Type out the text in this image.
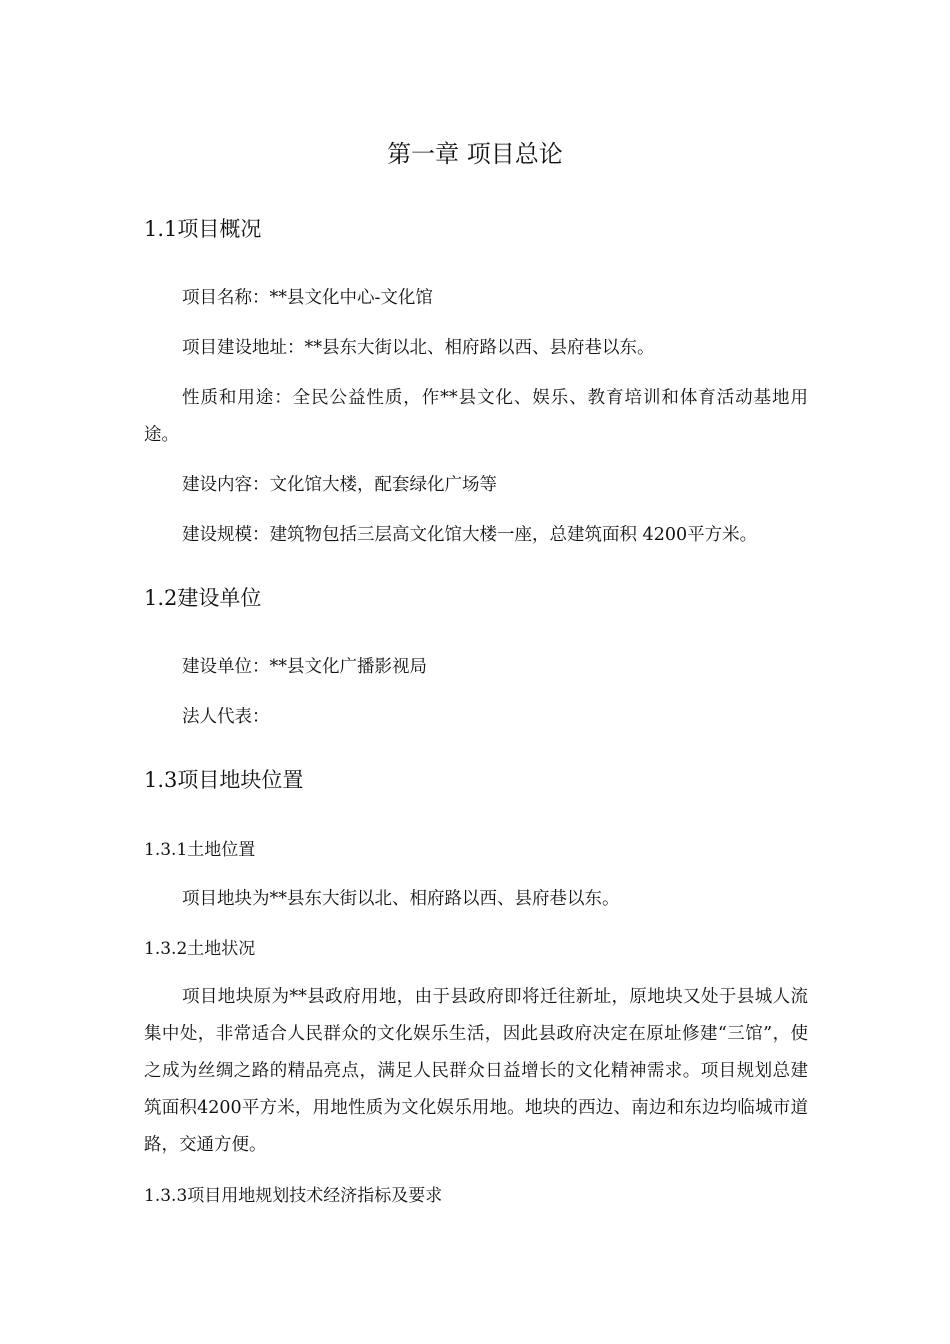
第一章 项目总论
1.1项目概况

项目名称：**县文化中心-文化馆

项目建设地址：**县东大街以北、相府路以西、县府巷以东。

性质和用途：全民公益性质，作**县文化、娱乐、教育培训和体育活动基地用途。

建设内容：文化馆大楼，配套绿化广场等

建设规模：建筑物包括三层高文化馆大楼一座，总建筑面积 4200平方米。

1.2建设单位

建设单位：**县文化广播影视局

法人代表：

1.3项目地块位置
1.3.1土地位置

项目地块为**县东大街以北、相府路以西、县府巷以东。

1.3.2土地状况

项目地块原为**县政府用地，由于县政府即将迁往新址，原地块又处于县城人流集中处，非常适合人民群众的文化娱乐生活，因此县政府决定在原址修建“三馆”，使之成为丝绸之路的精品亮点，满足人民群众日益增长的文化精神需求。项目规划总建筑面积4200平方米，用地性质为文化娱乐用地。地块的西边、南边和东边均临城市道路，交通方便。

1.3.3项目用地规划技术经济指标及要求
